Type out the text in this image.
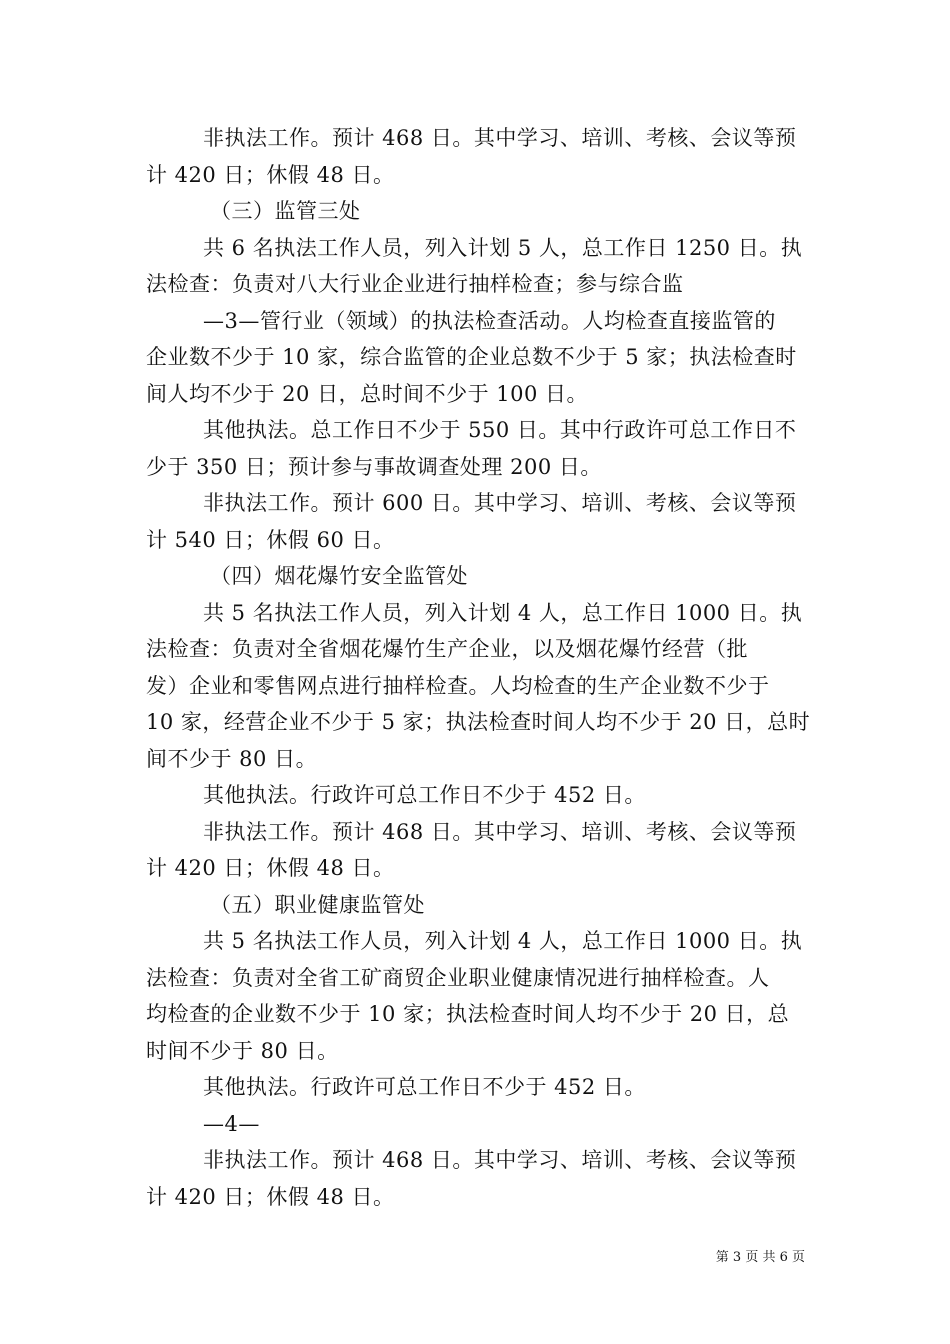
非执法工作。预计 468 日。其中学习、培训、考核、会议等预
计 420 日；休假 48 日。
（三）监管三处
共 6 名执法工作人员，列入计划 5 人，总工作日 1250 日。执
法检查：负责对八大行业企业进行抽样检查；参与综合监
—3—管行业（领域）的执法检查活动。人均检查直接监管的
企业数不少于 10 家，综合监管的企业总数不少于 5 家；执法检查时
间人均不少于 20 日，总时间不少于 100 日。
其他执法。总工作日不少于 550 日。其中行政许可总工作日不
少于 350 日；预计参与事故调查处理 200 日。
非执法工作。预计 600 日。其中学习、培训、考核、会议等预
计 540 日；休假 60 日。
（四）烟花爆竹安全监管处
共 5 名执法工作人员，列入计划 4 人，总工作日 1000 日。执
法检查：负责对全省烟花爆竹生产企业，以及烟花爆竹经营（批
发）企业和零售网点进行抽样检查。人均检查的生产企业数不少于
10 家，经营企业不少于 5 家；执法检查时间人均不少于 20 日，总时
间不少于 80 日。
其他执法。行政许可总工作日不少于 452 日。
非执法工作。预计 468 日。其中学习、培训、考核、会议等预
计 420 日；休假 48 日。
（五）职业健康监管处
共 5 名执法工作人员，列入计划 4 人，总工作日 1000 日。执
法检查：负责对全省工矿商贸企业职业健康情况进行抽样检查。人
均检查的企业数不少于 10 家；执法检查时间人均不少于 20 日，总
时间不少于 80 日。
其他执法。行政许可总工作日不少于 452 日。
—4—
非执法工作。预计 468 日。其中学习、培训、考核、会议等预
计 420 日；休假 48 日。
第 3 页 共 6 页
